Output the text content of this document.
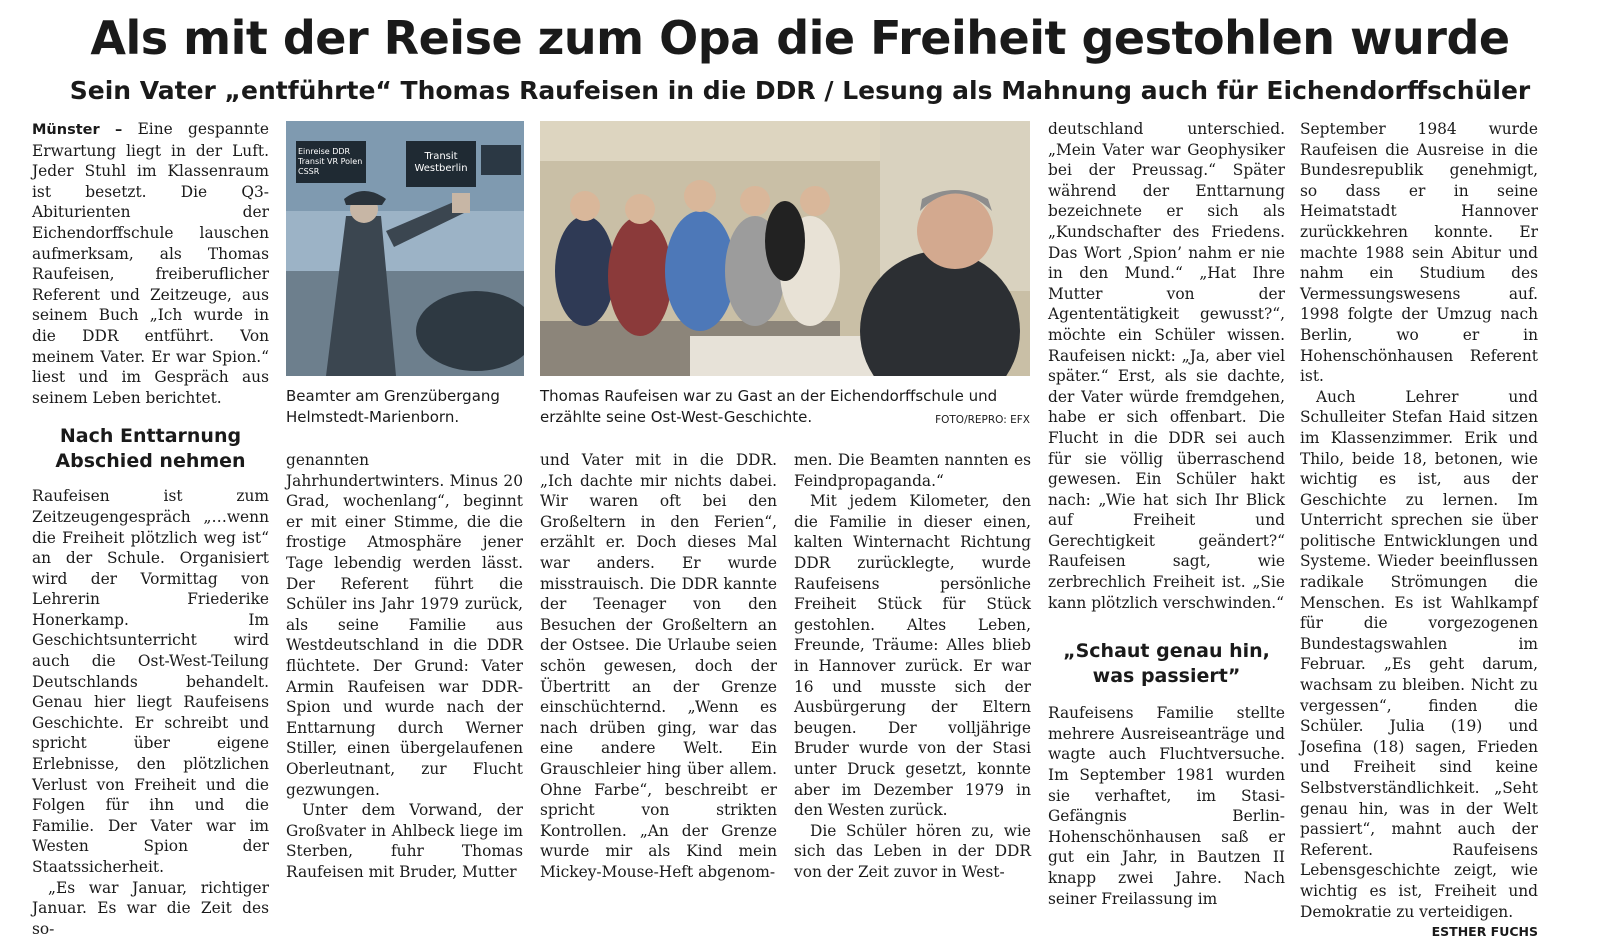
Als mit der Reise zum Opa die Freiheit gestohlen wurde
Sein Vater „entführte“ Thomas Raufeisen in die DDR / Lesung als Mahnung auch für Eichendorffschüler

Münster – Eine gespannte Erwartung liegt in der Luft. Jeder Stuhl im Klassenraum ist besetzt. Die Q3-Abiturienten der Eichendorffschule lauschen aufmerksam, als Thomas Raufeisen, freiberuflicher Referent und Zeitzeuge, aus seinem Buch „Ich wurde in die DDR entführt. Von meinem Vater. Er war Spion.“ liest und im Gespräch aus seinem Leben berichtet.

Nach Enttarnung Abschied nehmen

Raufeisen ist zum Zeitzeugengespräch „…wenn die Freiheit plötzlich weg ist“ an der Schule. Organisiert wird der Vormittag von Lehrerin Friederike Honerkamp. Im Geschichtsunterricht wird auch die Ost-West-Teilung Deutschlands behandelt. Genau hier liegt Raufeisens Geschichte. Er schreibt und spricht über eigene Erlebnisse, den plötzlichen Verlust von Freiheit und die Folgen für ihn und die Familie. Der Vater war im Westen Spion der Staatssicherheit.

„Es war Januar, richtiger Januar. Es war die Zeit des so-

Einreise DDR Transit VR Polen CSSR
Transit Westberlin
Beamter am Grenzübergang Helmstedt-Marienborn.
Thomas Raufeisen war zu Gast an der Eichendorffschule und erzählte seine Ost-West-Geschichte.	FOTO/REPRO: EFX

genannten Jahrhundertwinters. Minus 20 Grad, wochenlang“, beginnt er mit einer Stimme, die die frostige Atmosphäre jener Tage lebendig werden lässt. Der Referent führt die Schüler ins Jahr 1979 zurück, als seine Familie aus Westdeutschland in die DDR flüchtete. Der Grund: Vater Armin Raufeisen war DDR-Spion und wurde nach der Enttarnung durch Werner Stiller, einen übergelaufenen Oberleutnant, zur Flucht gezwungen.

Unter dem Vorwand, der Großvater in Ahlbeck liege im Sterben, fuhr Thomas Raufeisen mit Bruder, Mutter

und Vater mit in die DDR. „Ich dachte mir nichts dabei. Wir waren oft bei den Großeltern in den Ferien“, erzählt er. Doch dieses Mal war anders. Er wurde misstrauisch. Die DDR kannte der Teenager von den Besuchen der Großeltern an der Ostsee. Die Urlaube seien schön gewesen, doch der Übertritt an der Grenze einschüchternd. „Wenn es nach drüben ging, war das eine andere Welt. Ein Grauschleier hing über allem. Ohne Farbe“, beschreibt er spricht von strikten Kontrollen. „An der Grenze wurde mir als Kind mein Mickey-Mouse-Heft abgenom-

men. Die Beamten nannten es Feindpropaganda.“

Mit jedem Kilometer, den die Familie in dieser einen, kalten Winternacht Richtung DDR zurücklegte, wurde Raufeisens persönliche Freiheit Stück für Stück gestohlen. Altes Leben, Freunde, Träume: Alles blieb in Hannover zurück. Er war 16 und musste sich der Ausbürgerung der Eltern beugen. Der volljährige Bruder wurde von der Stasi unter Druck gesetzt, konnte aber im Dezember 1979 in den Westen zurück.

Die Schüler hören zu, wie sich das Leben in der DDR von der Zeit zuvor in West-

deutschland unterschied. „Mein Vater war Geophysiker bei der Preussag.“ Später während der Enttarnung bezeichnete er sich als „Kundschafter des Friedens. Das Wort ‚Spion’ nahm er nie in den Mund.“ „Hat Ihre Mutter von der Agententätigkeit gewusst?“, möchte ein Schüler wissen. Raufeisen nickt: „Ja, aber viel später.“ Erst, als sie dachte, der Vater würde fremdgehen, habe er sich offenbart. Die Flucht in die DDR sei auch für sie völlig überraschend gewesen. Ein Schüler hakt nach: „Wie hat sich Ihr Blick auf Freiheit und Gerechtigkeit geändert?“ Raufeisen sagt, wie zerbrechlich Freiheit ist. „Sie kann plötzlich verschwinden.“

„Schaut genau hin, was passiert”

Raufeisens Familie stellte mehrere Ausreiseanträge und wagte auch Fluchtversuche. Im September 1981 wurden sie verhaftet, im Stasi-Gefängnis Berlin-Hohenschönhausen saß er gut ein Jahr, in Bautzen II knapp zwei Jahre. Nach seiner Freilassung im

September 1984 wurde Raufeisen die Ausreise in die Bundesrepublik genehmigt, so dass er in seine Heimatstadt Hannover zurückkehren konnte. Er machte 1988 sein Abitur und nahm ein Studium des Vermessungswesens auf. 1998 folgte der Umzug nach Berlin, wo er in Hohenschönhausen Referent ist.

Auch Lehrer und Schulleiter Stefan Haid sitzen im Klassenzimmer. Erik und Thilo, beide 18, betonen, wie wichtig es ist, aus der Geschichte zu lernen. Im Unterricht sprechen sie über politische Entwicklungen und Systeme. Wieder beeinflussen radikale Strömungen die Menschen. Es ist Wahlkampf für die vorgezogenen Bundestagswahlen im Februar. „Es geht darum, wachsam zu bleiben. Nicht zu vergessen“, finden die Schüler. Julia (19) und Josefina (18) sagen, Frieden und Freiheit sind keine Selbstverständlichkeit. „Seht genau hin, was in der Welt passiert“, mahnt auch der Referent. Raufeisens Lebensgeschichte zeigt, wie wichtig es ist, Freiheit und Demokratie zu verteidigen.
ESTHER FUCHS
